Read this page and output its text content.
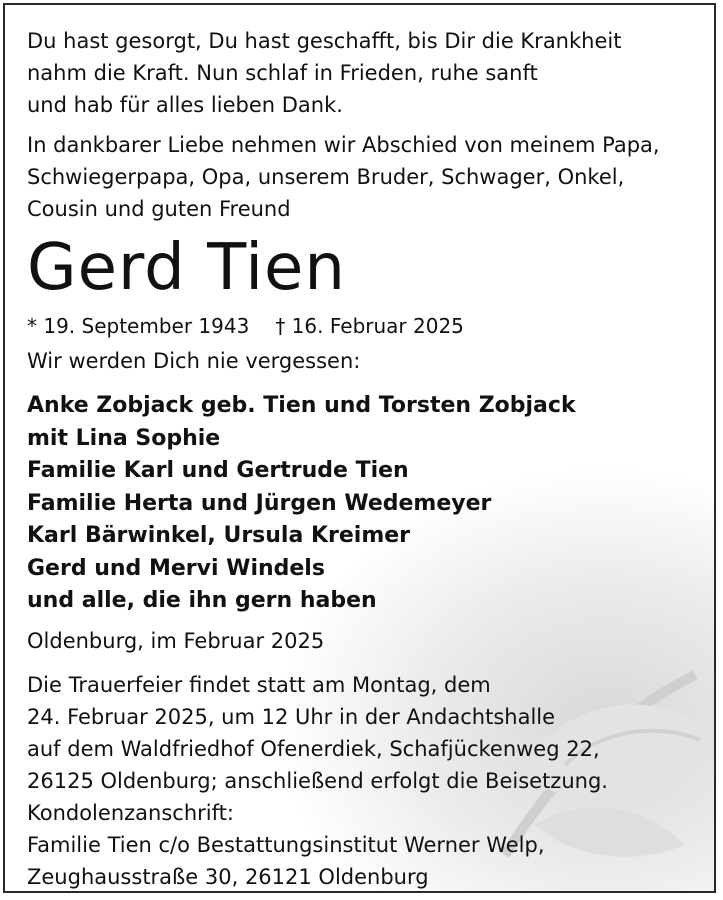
Du hast gesorgt, Du hast geschafft, bis Dir die Krankheit
nahm die Kraft. Nun schlaf in Frieden, ruhe sanft
und hab für alles lieben Dank.
In dankbarer Liebe nehmen wir Abschied von meinem Papa,
Schwiegerpapa, Opa, unserem Bruder, Schwager, Onkel,
Cousin und guten Freund
Gerd Tien
* 19. September 1943 † 16. Februar 2025
Wir werden Dich nie vergessen:
Anke Zobjack geb. Tien und Torsten Zobjack
mit Lina Sophie
Familie Karl und Gertrude Tien
Familie Herta und Jürgen Wedemeyer
Karl Bärwinkel, Ursula Kreimer
Gerd und Mervi Windels
und alle, die ihn gern haben
Oldenburg, im Februar 2025
Die Trauerfeier findet statt am Montag, dem
24. Februar 2025, um 12 Uhr in der Andachtshalle
auf dem Waldfriedhof Ofenerdiek, Schafjückenweg 22,
26125 Oldenburg; anschließend erfolgt die Beisetzung.
Kondolenzanschrift:
Familie Tien c/o Bestattungsinstitut Werner Welp,
Zeughausstraße 30, 26121 Oldenburg
